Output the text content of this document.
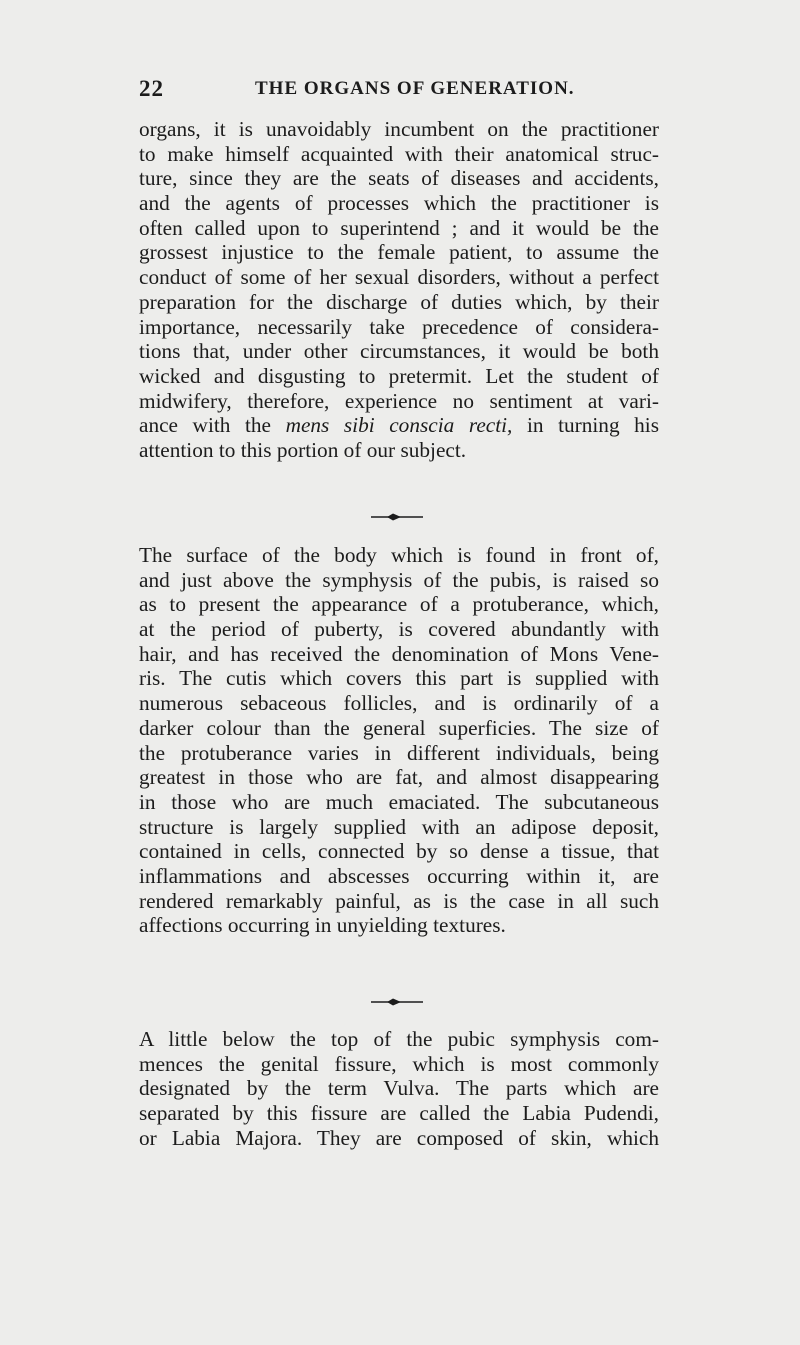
22	THE ORGANS OF GENERATION.
organs, it is unavoidably incumbent on the practitioner
to make himself acquainted with their anatomical struc-
ture, since they are the seats of diseases and accidents,
and the agents of processes which the practitioner is
often called upon to superintend ; and it would be the
grossest injustice to the female patient, to assume the
conduct of some of her sexual disorders, without a perfect
preparation for the discharge of duties which, by their
importance, necessarily take precedence of considera-
tions that, under other circumstances, it would be both
wicked and disgusting to pretermit. Let the student of
midwifery, therefore, experience no sentiment at vari-
ance with the mens sibi conscia recti, in turning his
attention to this portion of our subject.
The surface of the body which is found in front of,
and just above the symphysis of the pubis, is raised so
as to present the appearance of a protuberance, which,
at the period of puberty, is covered abundantly with
hair, and has received the denomination of Mons Vene-
ris. The cutis which covers this part is supplied with
numerous sebaceous follicles, and is ordinarily of a
darker colour than the general superficies. The size of
the protuberance varies in different individuals, being
greatest in those who are fat, and almost disappearing
in those who are much emaciated. The subcutaneous
structure is largely supplied with an adipose deposit,
contained in cells, connected by so dense a tissue, that
inflammations and abscesses occurring within it, are
rendered remarkably painful, as is the case in all such
affections occurring in unyielding textures.
A little below the top of the pubic symphysis com-
mences the genital fissure, which is most commonly
designated by the term Vulva. The parts which are
separated by this fissure are called the Labia Pudendi,
or Labia Majora. They are composed of skin, which
